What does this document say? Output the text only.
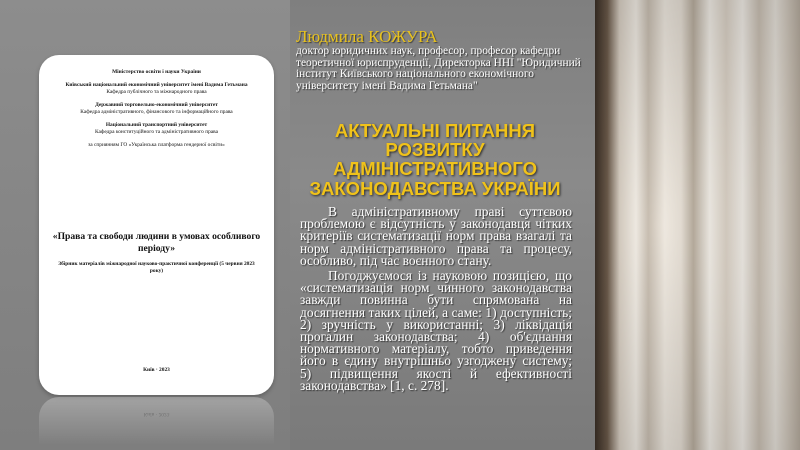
Міністерство освіти і науки України
Київський національний економічний університет імені Вадима Гетьмана
Кафедра публічного та міжнародного права
Державний торговельно-економічний університет
Кафедра адміністративного, фінансового та інформаційного права
Національний транспортний університет
Кафедра конституційного та адміністративного права
за сприянням ГО «Українська платформа гендерної освіти»
«Права та свободи людини в умовах особливого періоду»
Збірник матеріалів міжнародної науково-практичної конференції (5 червня 2023 року)
Київ · 2023
Київ · 2023
Людмила КОЖУРА
доктор юридичних наук, професор, професор кафедри теоретичної юриспруденції, Директорка ННІ "Юридичний інститут Київського національного економічного університету імені Вадима Гетьмана"
АКТУАЛЬНІ ПИТАННЯ РОЗВИТКУ АДМІНІСТРАТИВНОГО ЗАКОНОДАВСТВА УКРАЇНИ

В адміністративному праві суттєвою проблемою є відсутність у законодавця чітких критеріїв систематизації норм права взагалі та норм адміністративного права та процесу, особливо, під час воєнного стану.

Погоджуємося із науковою позицією, що «систематизація норм чинного законодавства завжди повинна бути спрямована на досягнення таких цілей, а саме: 1) доступність; 2) зручність у використанні; 3) ліквідація прогалин законодавства; 4) об'єднання нормативного матеріалу, тобто приведення його в єдину внутрішньо узгоджену систему; 5) підвищення якості й ефективності законодавства» [1, с. 278].
